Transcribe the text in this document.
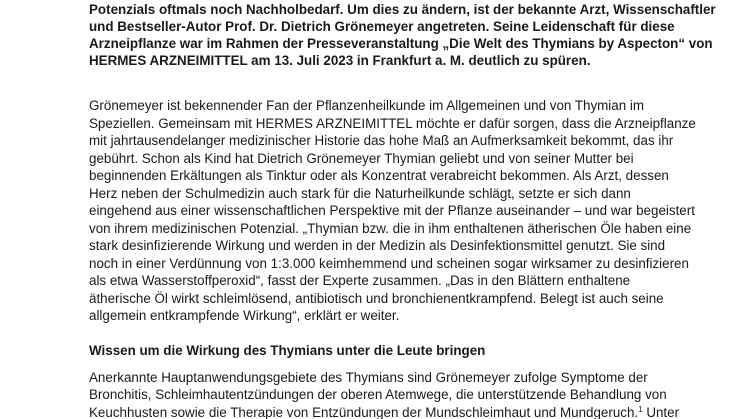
Potenzials oftmals noch Nachholbedarf. Um dies zu ändern, ist der bekannte Arzt, Wissenschaftler
und Bestseller-Autor Prof. Dr. Dietrich Grönemeyer angetreten. Seine Leidenschaft für diese
Arzneipflanze war im Rahmen der Presseveranstaltung „Die Welt des Thymians by Aspecton“ von
HERMES ARZNEIMITTEL am 13. Juli 2023 in Frankfurt a. M. deutlich zu spüren.
Grönemeyer ist bekennender Fan der Pflanzenheilkunde im Allgemeinen und von Thymian im
Speziellen. Gemeinsam mit HERMES ARZNEIMITTEL möchte er dafür sorgen, dass die Arzneipflanze
mit jahrtausendelanger medizinischer Historie das hohe Maß an Aufmerksamkeit bekommt, das ihr
gebührt. Schon als Kind hat Dietrich Grönemeyer Thymian geliebt und von seiner Mutter bei
beginnenden Erkältungen als Tinktur oder als Konzentrat verabreicht bekommen. Als Arzt, dessen
Herz neben der Schulmedizin auch stark für die Naturheilkunde schlägt, setzte er sich dann
eingehend aus einer wissenschaftlichen Perspektive mit der Pflanze auseinander – und war begeistert
von ihrem medizinischen Potenzial. „Thymian bzw. die in ihm enthaltenen ätherischen Öle haben eine
stark desinfizierende Wirkung und werden in der Medizin als Desinfektionsmittel genutzt. Sie sind
noch in einer Verdünnung von 1:3.000 keimhemmend und scheinen sogar wirksamer zu desinfizieren
als etwa Wasserstoffperoxid“, fasst der Experte zusammen. „Das in den Blättern enthaltene
ätherische Öl wirkt schleimlösend, antibiotisch und bronchienentkrampfend. Belegt ist auch seine
allgemein entkrampfende Wirkung“, erklärt er weiter.
Wissen um die Wirkung des Thymians unter die Leute bringen
Anerkannte Hauptanwendungsgebiete des Thymians sind Grönemeyer zufolge Symptome der
Bronchitis, Schleimhautentzündungen der oberen Atemwege, die unterstützende Behandlung von
Keuchhusten sowie die Therapie von Entzündungen der Mundschleimhaut und Mundgeruch.$^1$ Unter
